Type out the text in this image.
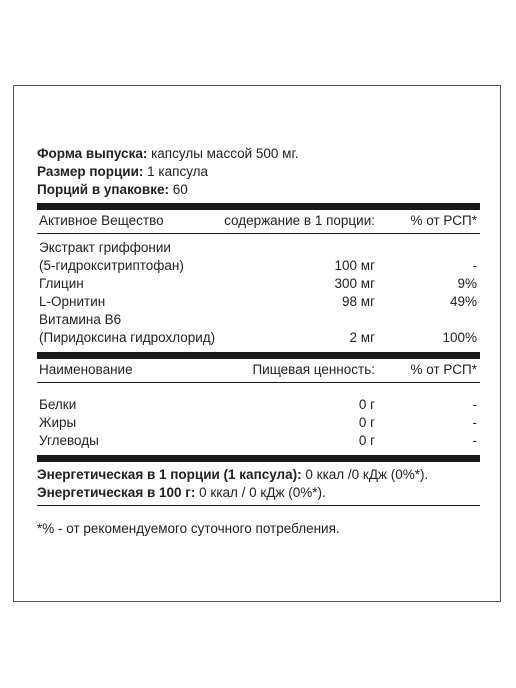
Форма выпуска: капсулы массой 500 мг.
Размер порции: 1 капсула
Порций в упаковке: 60
Активное Вещество	содержание в 1 порции:	% от РСП*
Экстракт гриффонии
(5-гидрокситриптофан)	100 мг	-
Глицин	300 мг	9%
L-Орнитин	98 мг	49%
Витамина В6
(Пиридоксина гидрохлорид)	2 мг	100%
Наименование	Пищевая ценность:	% от РСП*
Белки	0 г	-
Жиры	0 г	-
Углеводы	0 г	-
Энергетическая в 1 порции (1 капсула): 0 ккал /0 кДж (0%*).
Энергетическая в 100 г: 0 ккал / 0 кДж (0%*).
*% - от рекомендуемого суточного потребления.
